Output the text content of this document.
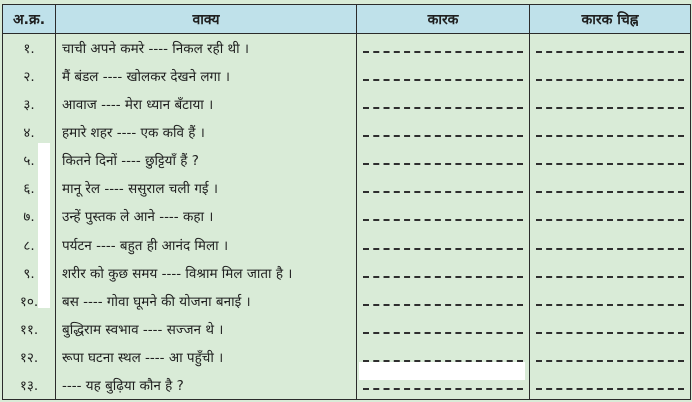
अ.क्र.	वाक्य	कारक	कारक चिह्न
१.	चाची अपने कमरे ---- निकल रही थी ।	

२.	मैं बंडल ---- खोलकर देखने लगा ।	

३.	आवाज ---- मेरा ध्यान बँटाया ।	

४.	हमारे शहर ---- एक कवि हैं ।	

५.	कितने दिनों ---- छुट्टियाँ हैं ?	

६.	मानू रेल ---- ससुराल चली गई ।	

७.	उन्हें पुस्तक ले आने ---- कहा ।	

८.	पर्यटन ---- बहुत ही आनंद मिला ।	

९.	शरीर को कुछ समय ---- विश्राम मिल जाता है ।	

१०.	बस ---- गोवा घूमने की योजना बनाई ।	

११.	बुद्धिराम स्वभाव ---- सज्जन थे ।	

१२.	रूपा घटना स्थल ---- आ पहुँची ।	

१३.	---- यह बुढ़िया कौन है ?	
